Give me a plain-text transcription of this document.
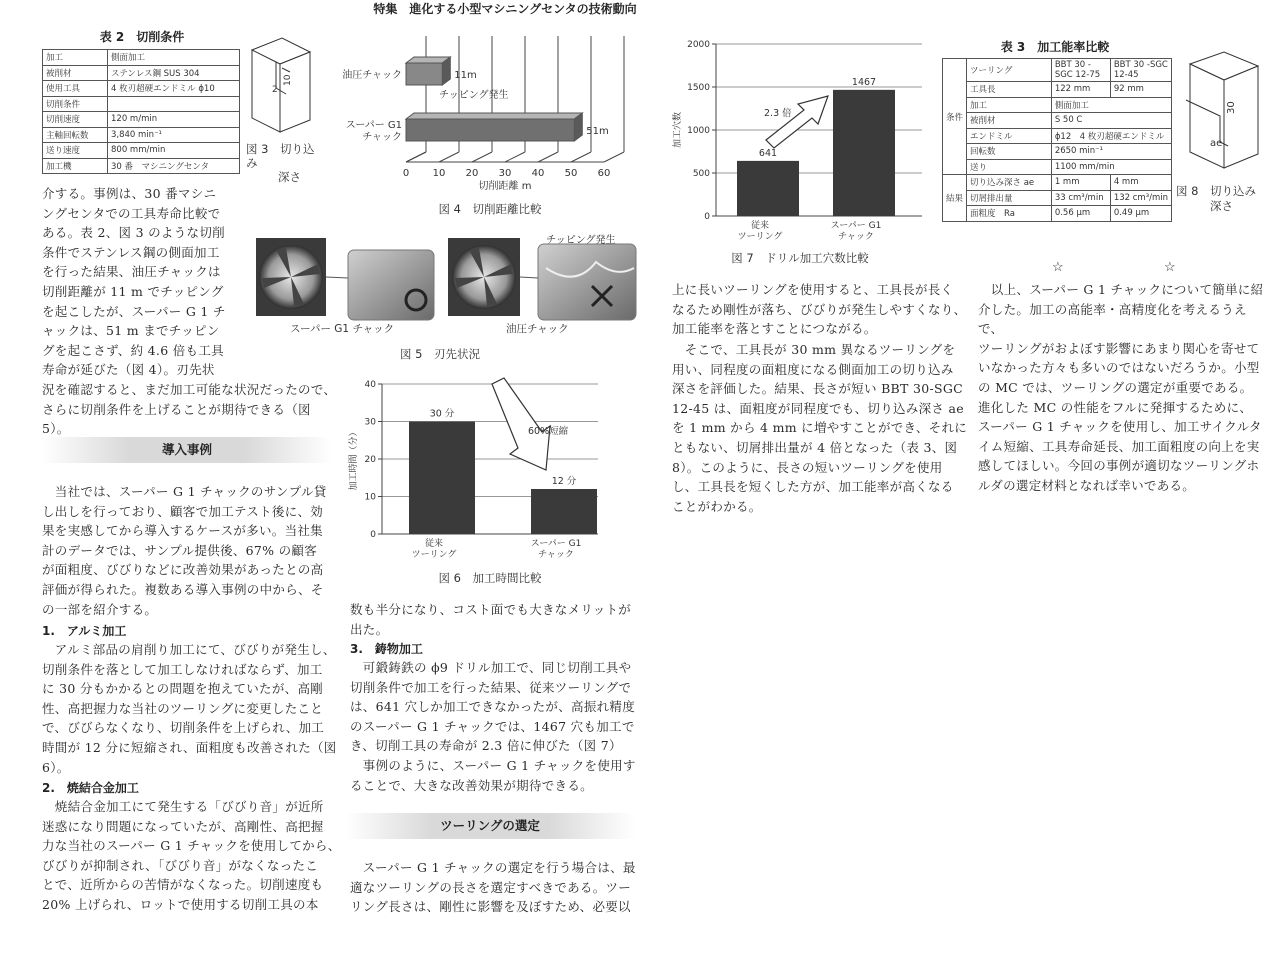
特集　進化する小型マシニングセンタの技術動向
表 2　切削条件
加工	側面加工
被削材	ステンレス鋼 SUS 304
使用工具	4 枚刃超硬エンドミル ϕ10
切削条件	
切削速度	120 m/min
主軸回転数	3,840 min⁻¹
送り速度	800 mm/min
加工機	30 番　マシニングセンタ
2
10
図 3　切り込み
深さ	0 10 20 30 40 50 60
切削距離 m
11m
油圧チャック
51m
スーパー G1
チャック
チッピング発生
図 4　切削距離比較
チッピング発生
スーパー G1 チャック	油圧チャック
図 5　刃先状況
0
10
20
30
40
加工時間（分）
30 分
従来
ツーリング
12 分
スーパー G1
チャック
60%短縮
図 6　加工時間比較
0
500
1000
1500
2000
加工穴数
641
従来
ツーリング
1467
スーパー G1
チャック
2.3 倍
図 7　ドリル加工穴数比較
表 3　加工能率比較
条件	ツーリング	BBT 30 -SGC 12-75	BBT 30 -SGC 12-45
	工具長	122 mm	92 mm
	加工	側面加工	
	被削材	S 50 C	
	エンドミル	ϕ12　4 枚刃超硬エンドミル	
	回転数	2650 min⁻¹	
	送り	1100 mm/min	
結果	切り込み深さ ae	1 mm	4 mm
	切屑排出量	33 cm³/min	132 cm³/min
	面粗度　Ra	0.56 μm	0.49 μm
30
ae
図 8　切り込み
深さ

介する。事例は、30 番マシニ

ングセンタでの工具寿命比較で

ある。表 2、図 3 のような切削

条件でステンレス鋼の側面加工

を行った結果、油圧チャックは

切削距離が 11 m でチッピング

を起こしたが、スーパー G 1 チ

ャックは、51 m までチッピン

グを起こさず、約 4.6 倍も工具

寿命が延びた（図 4）。刃先状

況を確認すると、まだ加工可能な状況だったので、

さらに切削条件を上げることが期待できる（図 5）。

導入事例

　当社では、スーパー G 1 チャックのサンプル貸

し出しを行っており、顧客で加工テスト後に、効

果を実感してから導入するケースが多い。当社集

計のデータでは、サンプル提供後、67% の顧客

が面粗度、びびりなどに改善効果があったとの高

評価が得られた。複数ある導入事例の中から、そ

の一部を紹介する。

1.　アルミ加工

　アルミ部品の肩削り加工にて、びびりが発生し、

切削条件を落として加工しなければならず、加工

に 30 分もかかるとの問題を抱えていたが、高剛

性、高把握力な当社のツーリングに変更したこと

で、びびらなくなり、切削条件を上げられ、加工

時間が 12 分に短縮され、面粗度も改善された（図

6）。

2.　焼結合金加工

　焼結合金加工にて発生する「びびり音」が近所

迷惑になり問題になっていたが、高剛性、高把握

力な当社のスーパー G 1 チャックを使用してから、

びびりが抑制され、「びびり音」がなくなったこ

とで、近所からの苦情がなくなった。切削速度も

20% 上げられ、ロットで使用する切削工具の本

数も半分になり、コスト面でも大きなメリットが

出た。

3.　鋳物加工

　可鍛鋳鉄の ϕ9 ドリル加工で、同じ切削工具や

切削条件で加工を行った結果、従来ツーリングで

は、641 穴しか加工できなかったが、高振れ精度

のスーパー G 1 チャックでは、1467 穴も加工で

き、切削工具の寿命が 2.3 倍に伸びた（図 7）

　事例のように、スーパー G 1 チャックを使用す

ることで、大きな改善効果が期待できる。

ツーリングの選定

　スーパー G 1 チャックの選定を行う場合は、最

適なツーリングの長さを選定すべきである。ツー

リング長さは、剛性に影響を及ぼすため、必要以

上に長いツーリングを使用すると、工具長が長く

なるため剛性が落ち、びびりが発生しやすくなり、

加工能率を落とすことにつながる。

　そこで、工具長が 30 mm 異なるツーリングを

用い、同程度の面粗度になる側面加工の切り込み

深さを評価した。結果、長さが短い BBT 30-SGC

12-45 は、面粗度が同程度でも、切り込み深さ ae

を 1 mm から 4 mm に増やすことができ、それに

ともない、切屑排出量が 4 倍となった（表 3、図

8）。このように、長さの短いツーリングを使用

し、工具長を短くした方が、加工能率が高くなる

ことがわかる。

☆	☆

　以上、スーパー G 1 チャックについて簡単に紹

介した。加工の高能率・高精度化を考えるうえで、

ツーリングがおよぼす影響にあまり関心を寄せて

いなかった方々も多いのではないだろうか。小型

の MC では、ツーリングの選定が重要である。

進化した MC の性能をフルに発揮するために、

スーパー G 1 チャックを使用し、加工サイクルタ

イム短縮、工具寿命延長、加工面粗度の向上を実

感してほしい。今回の事例が適切なツーリングホ

ルダの選定材料となれば幸いである。
